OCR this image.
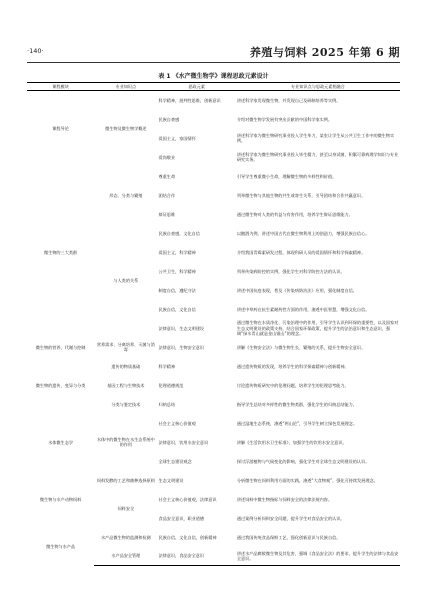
·140·	养殖与饲料 2025 年第 6 期
表 1 《水产微生物学》课程思政元素设计
课程模块	专业知识点	思政元素	专业知识点与思政元素相融合
课程导论	微生物及微生物学概述	科学精神，批判性思维，创新意识	讲述科学家发现微生物，并发现自己及研制培养等实例。
		民族自豪感	介绍对微生物学发展有突出贡献的中国科学家实例。
		爱国主义，家国情怀	讲述科学家为微生物研究事业投入学生毕力，某室让学生从公共卫生工作中的微生物实例。
		爱岗敬业	讲述科学家为微生物研究事业投入毕生精力，甚至以身试菌，积累可靠病理学知识与专业研究实务。
微生物的三大类群	形态、分类与繁殖	尊重生命	引导学生尊重微小生命，理解微生物的多样性和价值。
		团结合作	列举微生物与其他生物的共生或寄生关系，引导团结和合作共赢意识。
		辩证思维	通过微生物对人类的有益与有害作用，培养学生辩证思维能力。
	与人类的关系	民族自豪感，文化自信	以酿酒为例，讲述中国古代在微生物利用上的创造力，增强民族自信心。
		爱国主义，科学精神	介绍我国青霉素研发过程，体现科研人员的爱国情怀和科学探索精神。
		公共卫生，科学精神	列举传染病防控的实例，强化学生对科学防控方法的认识。
		制度自信，遵纪守法	讲述中国抗疫表现，普及《传染病防治法》应用，强化制度自信。
		民族自信，文化自信	讲述中草药在抗生素耐药性方面的作用，渗透中医智慧，增强文化自信。
		法律意识，生态文明建设	通过微生物在水质净化、污染治理中的作用，引导学生认识到环保的重要性，以及国家对生态文明建设的政策支持，结合国家环保政策，提升学生的法治意识和生态意识，强调“绿水青山就是金山银山”的理念。
微生物的营养、代谢与控制	营养需求、分离培养、灭菌与消毒	法律意识，生物安全意识	讲解《生物安全法》与微生物生长、繁殖的关系，提升生物安全意识。
微生物的遗传、变异与分类	遗传的物质基础	科学精神	通过遗传物质的发现，培养学生的科学探索精神与创新精神。
	基因工程与生物技术	伦理道德规范	讨论遗传物质研究中的伦理问题，培养学生的伦理思考能力。
	分类与鉴定技术	归纳总结	指导学生总结对多样性的微生物类群，强化学生的归纳总结能力。
水体微生态学	水体中的微生物在水生态系统中的作用	社会主义核心价值观	通过湿地生态系统，渗透“两山论”，引导学生树立绿色发展理念。
		法律意识，饮用水安全意识	讲解《生活饮用水卫生标准》，加强学生的饮用水安全意识。
		全球生态建设观念	探讨浮游植物与气候变化的影响，强化学生对全球生态文明建设的认识。
微生物与水产动物饲料	饲料发酵的工艺和菌种选择原则	生态文明建设	分析微生物在饲料利用方面的实践，渗透“大食物观”，强化可持续发展理念。
	饲料安全	社会主义核心价值观，法律意识	讲述饲料中微生物指标与饲料安全的法律法规内容。
		食品安全意识，职业道德	通过案例分析饲料安全问题，提升学生对食品安全的认识。
微生物与水产品	水产品微生物的监测和检测	民族自信，文化自信，创新精神	通过我国传统食品保鲜工艺，强化创新意识与民族自信。
	水产品安全管理	法律意识，食品安全意识	讲述水产品腐败微生物及其危害，强调《食品安全法》的要求，提升学生的法律与食品安全意识。
